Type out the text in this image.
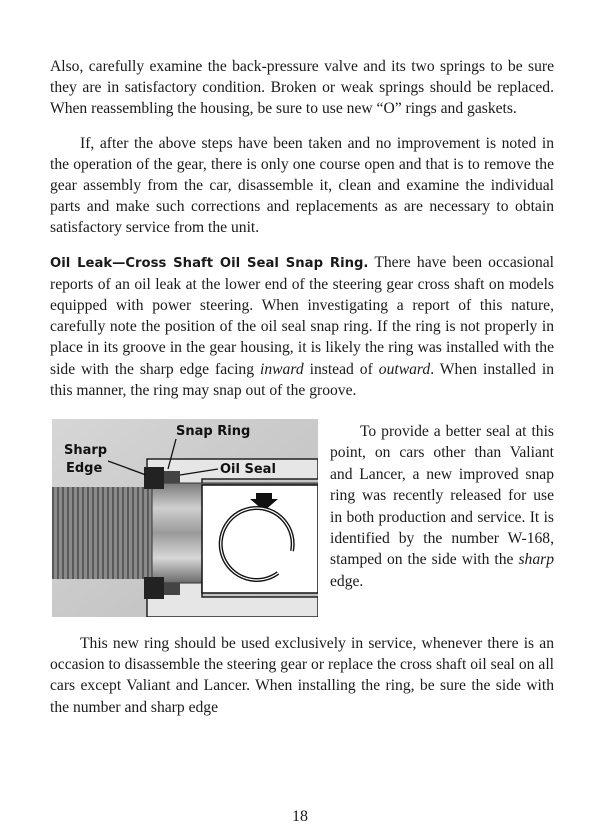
Also, carefully examine the back-pressure valve and its two springs to be sure they are in satisfactory condition. Broken or weak springs should be replaced. When reassembling the housing, be sure to use new “O” rings and gaskets.

If, after the above steps have been taken and no improvement is noted in the operation of the gear, there is only one course open and that is to remove the gear assembly from the car, disassemble it, clean and examine the individual parts and make such corrections and replacements as are necessary to obtain satisfactory service from the unit.

Oil Leak—Cross Shaft Oil Seal Snap Ring. There have been occasional reports of an oil leak at the lower end of the steering gear cross shaft on models equipped with power steering. When investigating a report of this nature, carefully note the position of the oil seal snap ring. If the ring is not properly in place in its groove in the gear housing, it is likely the ring was installed with the side with the sharp edge facing inward instead of outward. When installed in this manner, the ring may snap out of the groove.

Snap Ring
Sharp
Edge	Oil Seal

To provide a better seal at this point, on cars other than Valiant and Lancer, a new improved snap ring was recently released for use in both production and service. It is identified by the number W-168, stamped on the side with the sharp edge.

This new ring should be used exclusively in service, whenever there is an occasion to disassemble the steering gear or replace the cross shaft oil seal on all cars except Valiant and Lancer. When installing the ring, be sure the side with the number and sharp edge

18
